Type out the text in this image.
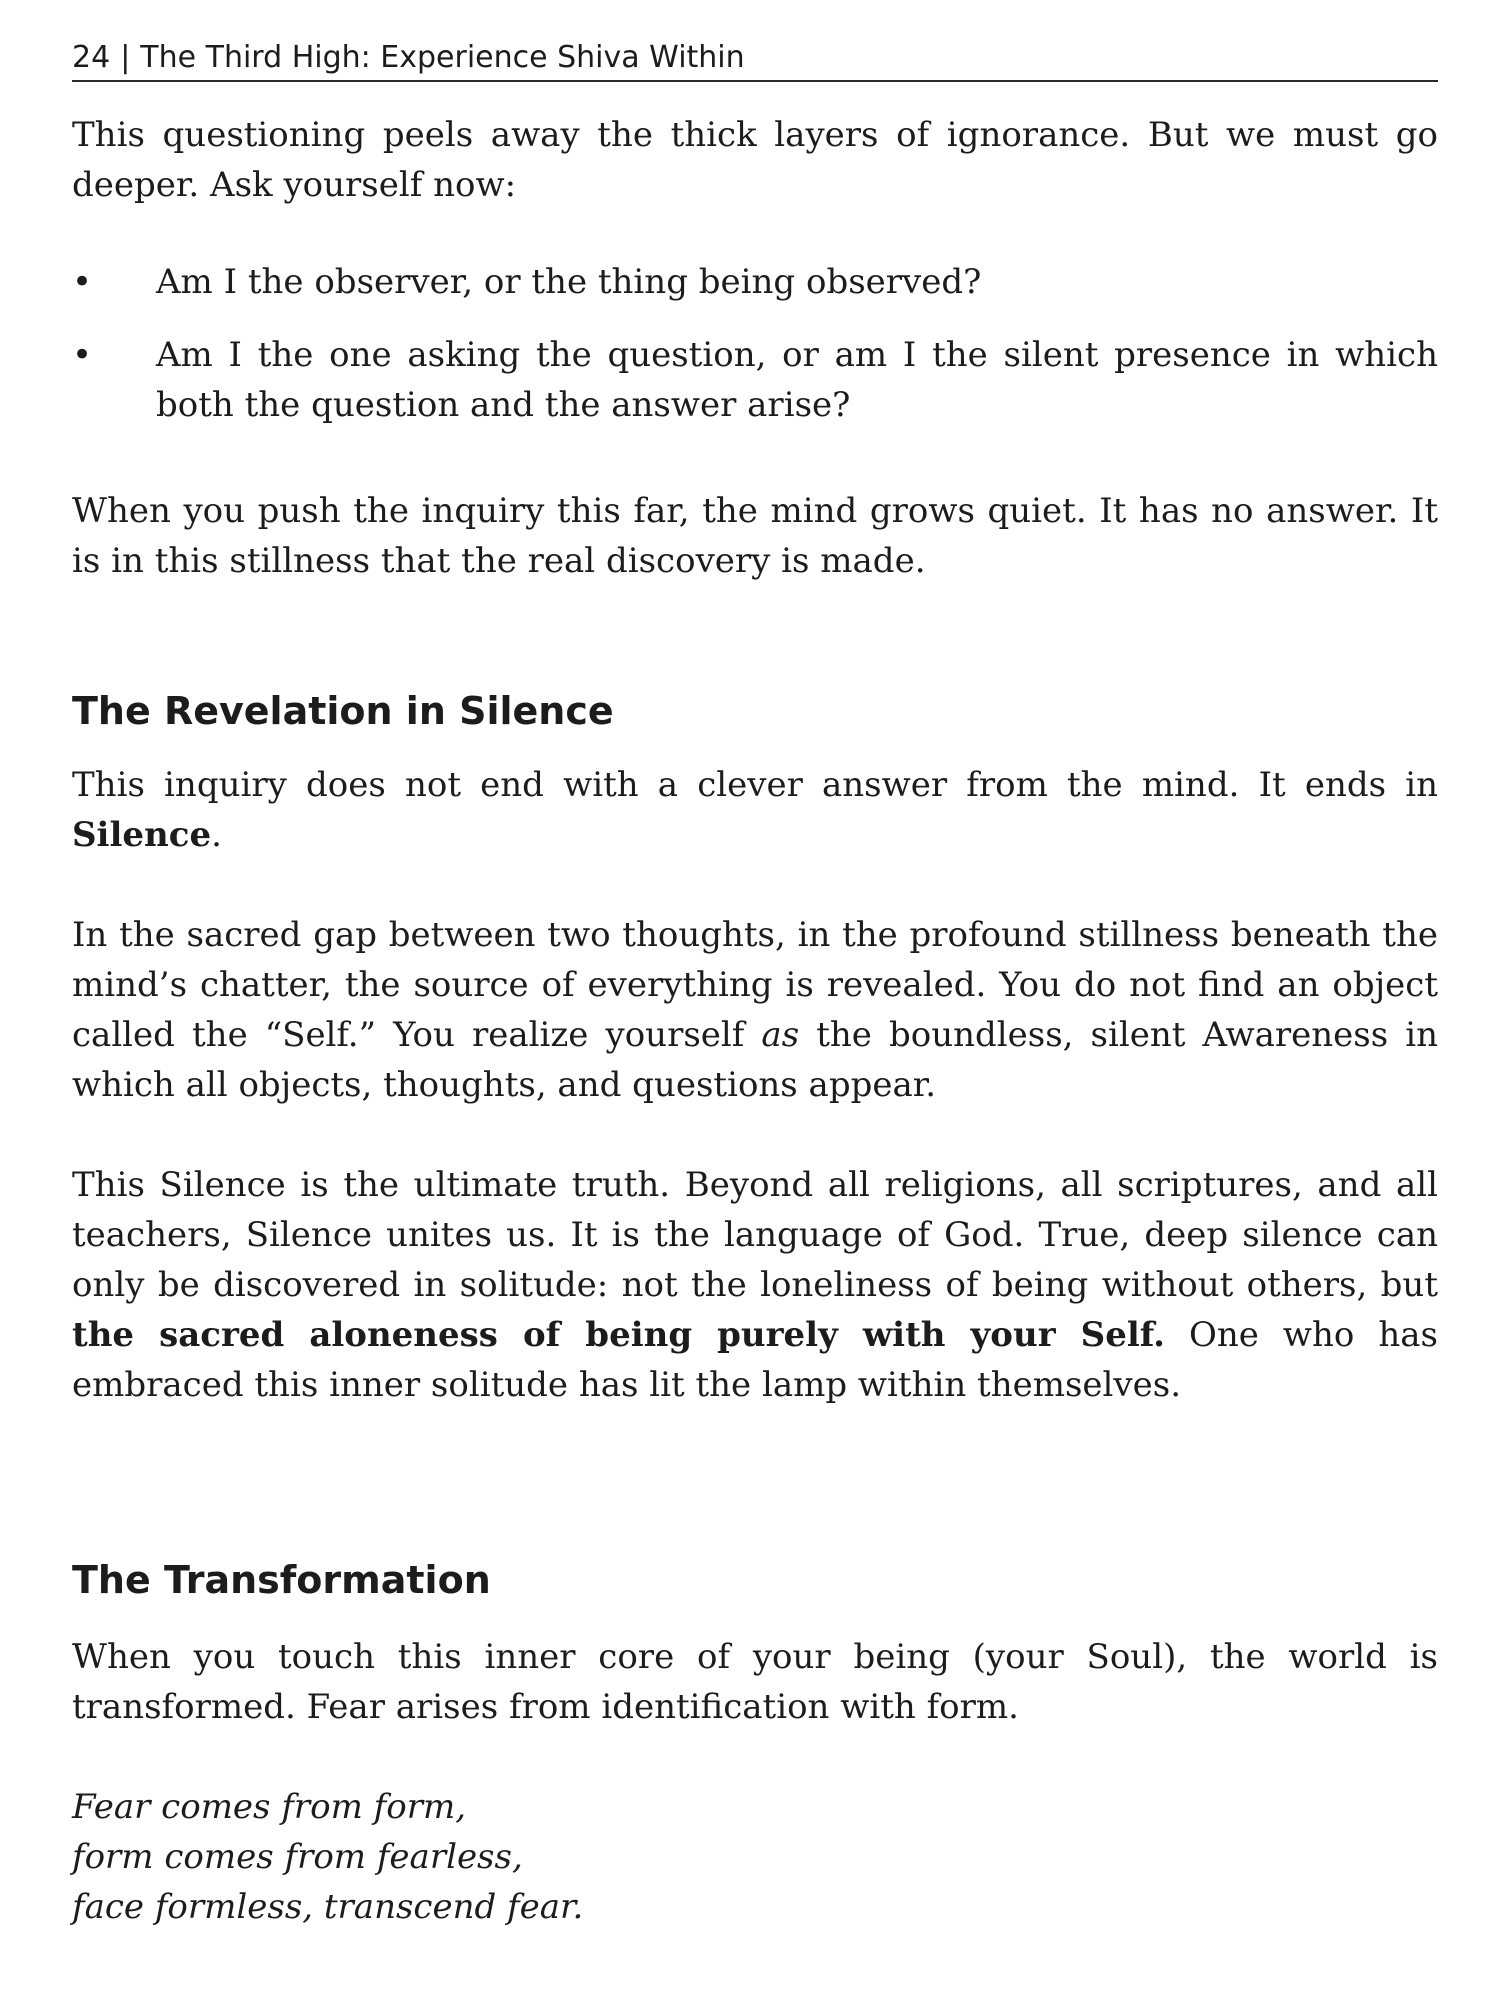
24 | The Third High: Experience Shiva Within

This questioning peels away the thick layers of ignorance. But we must go deeper. Ask yourself now:

• Am I the observer, or the thing being observed?
• Am I the one asking the question, or am I the silent presence in which both the question and the answer arise?

When you push the inquiry this far, the mind grows quiet. It has no answer. It is in this stillness that the real discovery is made.

The Revelation in Silence

This inquiry does not end with a clever answer from the mind. It ends in Silence.

In the sacred gap between two thoughts, in the profound stillness beneath the mind’s chatter, the source of everything is revealed. You do not find an object called the “Self.” You realize yourself as the boundless, silent Awareness in which all objects, thoughts, and questions appear.

This Silence is the ultimate truth. Beyond all religions, all scriptures, and all teachers, Silence unites us. It is the language of God. True, deep silence can only be discovered in solitude: not the loneliness of being without others, but the sacred aloneness of being purely with your Self. One who has embraced this inner solitude has lit the lamp within themselves.

The Transformation

When you touch this inner core of your being (your Soul), the world is transformed. Fear arises from identification with form.

Fear comes from form,

form comes from fearless,

face formless, transcend fear.
